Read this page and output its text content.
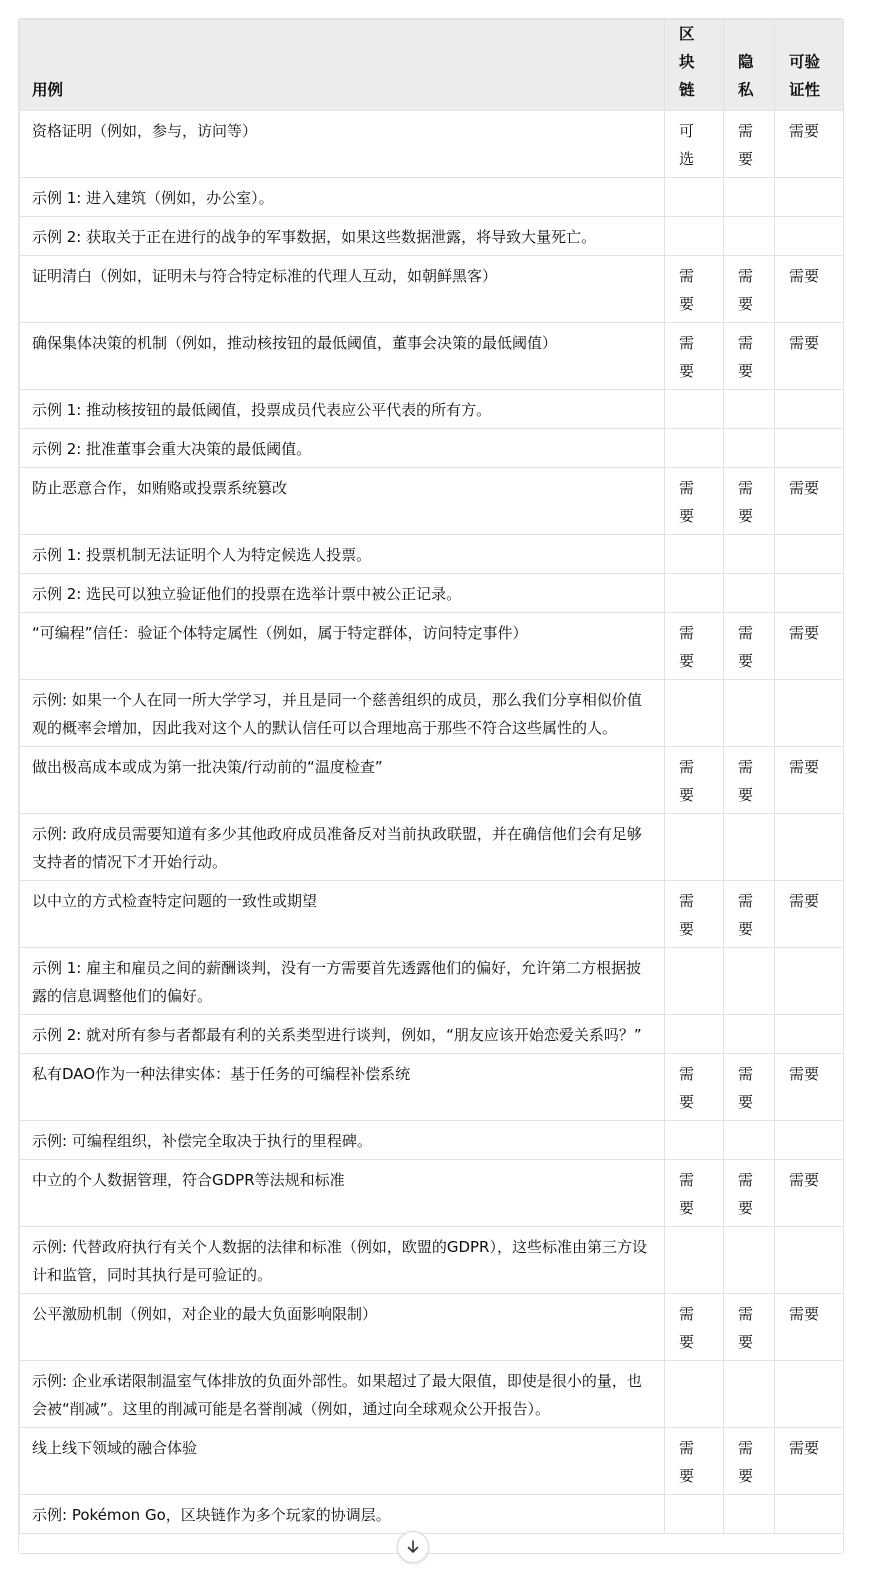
用例	区块链	隐私	可验证性
资格证明（例如，参与，访问等）	可选	需要	需要
示例 1: 进入建筑（例如，办公室）。			
示例 2: 获取关于正在进行的战争的军事数据，如果这些数据泄露，将导致大量死亡。			
证明清白（例如，证明未与符合特定标准的代理人互动，如朝鲜黑客）	需要	需要	需要
确保集体决策的机制（例如，推动核按钮的最低阈值，董事会决策的最低阈值）	需要	需要	需要
示例 1: 推动核按钮的最低阈值，投票成员代表应公平代表的所有方。			
示例 2: 批准董事会重大决策的最低阈值。			
防止恶意合作，如贿赂或投票系统篡改	需要	需要	需要
示例 1: 投票机制无法证明个人为特定候选人投票。			
示例 2: 选民可以独立验证他们的投票在选举计票中被公正记录。			
“可编程”信任：验证个体特定属性（例如，属于特定群体，访问特定事件）	需要	需要	需要
示例: 如果一个人在同一所大学学习，并且是同一个慈善组织的成员，那么我们分享相似价值观的概率会增加，因此我对这个人的默认信任可以合理地高于那些不符合这些属性的人。			
做出极高成本或成为第一批决策/行动前的“温度检查”	需要	需要	需要
示例: 政府成员需要知道有多少其他政府成员准备反对当前执政联盟，并在确信他们会有足够支持者的情况下才开始行动。			
以中立的方式检查特定问题的一致性或期望	需要	需要	需要
示例 1: 雇主和雇员之间的薪酬谈判，没有一方需要首先透露他们的偏好，允许第二方根据披露的信息调整他们的偏好。			
示例 2: 就对所有参与者都最有利的关系类型进行谈判，例如，“朋友应该开始恋爱关系吗？”			
私有DAO作为一种法律实体：基于任务的可编程补偿系统	需要	需要	需要
示例: 可编程组织，补偿完全取决于执行的里程碑。			
中立的个人数据管理，符合GDPR等法规和标准	需要	需要	需要
示例: 代替政府执行有关个人数据的法律和标准（例如，欧盟的GDPR），这些标准由第三方设计和监管，同时其执行是可验证的。			
公平激励机制（例如，对企业的最大负面影响限制）	需要	需要	需要
示例: 企业承诺限制温室气体排放的负面外部性。如果超过了最大限值，即使是很小的量，也会被“削减”。这里的削减可能是名誉削减（例如，通过向全球观众公开报告）。			
线上线下领域的融合体验	需要	需要	需要
示例: Pokémon Go，区块链作为多个玩家的协调层。			
